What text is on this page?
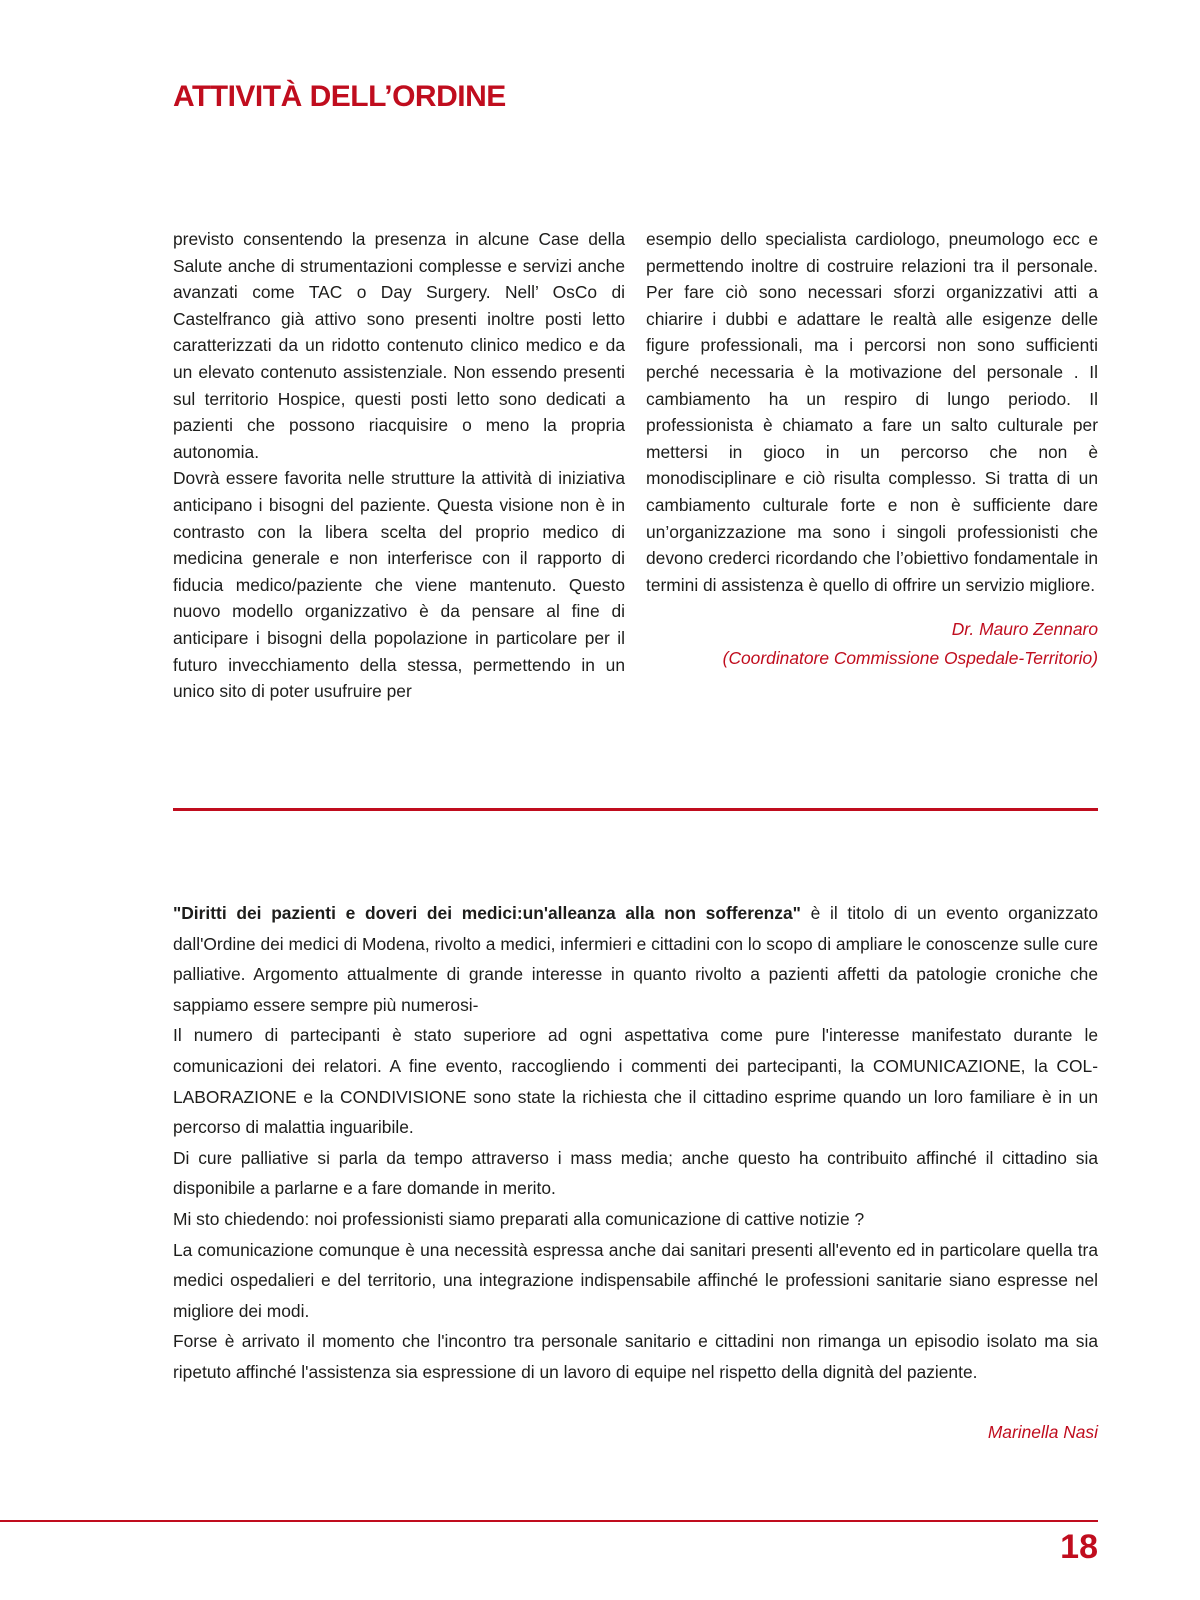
ATTIVITÀ DELL’ORDINE

previsto consentendo la presenza in alcune Case della Salute anche di strumentazioni complesse e servizi anche avanzati come TAC o Day Surgery. Nell’ OsCo di Castelfranco già attivo sono presenti inoltre posti letto caratterizzati da un ridotto contenuto clinico medico e da un elevato contenuto assistenziale. Non essendo presenti sul territorio Hospice, questi posti letto sono dedicati a pazienti che possono riacquisire o meno la propria autonomia.

Dovrà essere favorita nelle strutture la attività di iniziativa anticipano i bisogni del paziente. Questa visione non è in contrasto con la libera scelta del proprio medico di medicina generale e non interferisce con il rapporto di fiducia medico/paziente che viene mantenuto. Questo nuovo modello organizzativo è da pensare al fine di anticipare i bisogni della popolazione in particolare per il futuro invecchiamento della stessa, permettendo in un unico sito di poter usufruire per

esempio dello specialista cardiologo, pneumologo ecc e permettendo inoltre di costruire relazioni tra il personale. Per fare ciò sono necessari sforzi organizzativi atti a chiarire i dubbi e adattare le realtà alle esigenze delle figure professionali, ma i percorsi non sono sufficienti perché necessaria è la motivazione del personale . Il cambiamento ha un respiro di lungo periodo. Il professionista è chiamato a fare un salto culturale per mettersi in gioco in un percorso che non è monodisciplinare e ciò risulta complesso. Si tratta di un cambiamento culturale forte e non è sufficiente dare un’organizzazione ma sono i singoli professionisti che devono crederci ricordando che l’obiettivo fondamentale in termini di assistenza è quello di offrire un servizio migliore.

Dr. Mauro Zennaro
(Coordinatore Commissione Ospedale-Territorio)

"Diritti dei pazienti e doveri dei medici:un'alleanza alla non sofferenza" è il titolo di un evento organizzato dall'Ordine dei medici di Modena, rivolto a medici, infermieri e cittadini con lo scopo di ampliare le conoscenze sulle cure palliative. Argomento attualmente di grande interesse in quanto rivolto a pazienti affetti da patologie croniche che sappiamo essere sempre più numerosi-

Il numero di partecipanti è stato superiore ad ogni aspettativa come pure l'interesse manifestato durante le comunicazioni dei relatori. A fine evento, raccogliendo i commenti dei partecipanti, la COMUNICAZIONE, la COLLABORAZIONE e la CONDIVISIONE sono state la richiesta che il cittadino esprime quando un loro familiare è in un percorso di malattia inguaribile.

Di cure palliative si parla da tempo attraverso i mass media; anche questo ha contribuito affinché il cittadino sia disponibile a parlarne e a fare domande in merito.

Mi sto chiedendo: noi professionisti siamo preparati alla comunicazione di cattive notizie ?

La comunicazione comunque è una necessità espressa anche dai sanitari presenti all'evento ed in particolare quella tra medici ospedalieri e del territorio, una integrazione indispensabile affinché le professioni sanitarie siano espresse nel migliore dei modi.

Forse è arrivato il momento che l'incontro tra personale sanitario e cittadini non rimanga un episodio isolato ma sia ripetuto affinché l'assistenza sia espressione di un lavoro di equipe nel rispetto della dignità del paziente.

Marinella Nasi
18
